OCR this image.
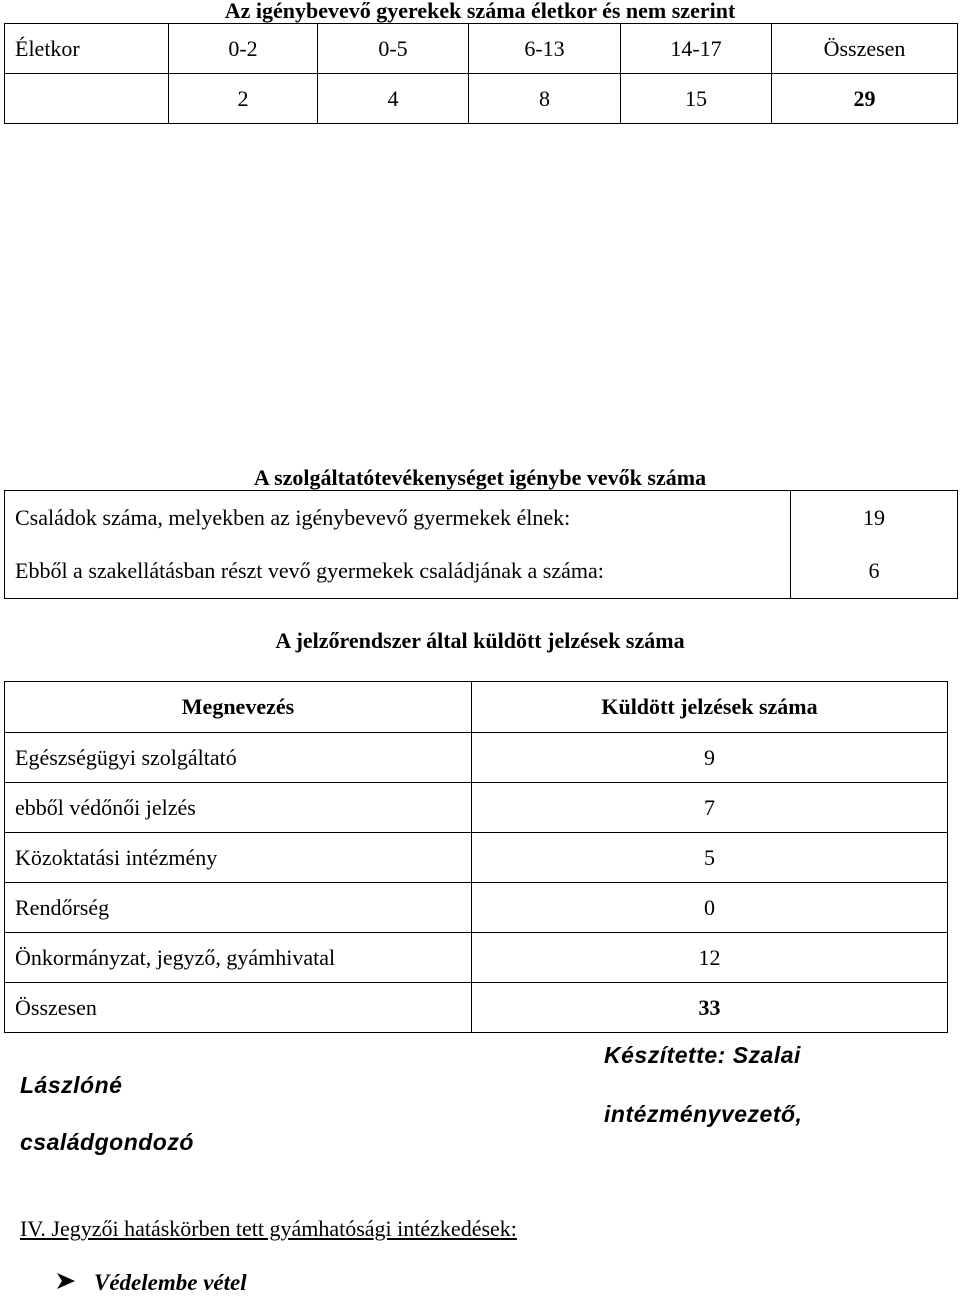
Az igénybevevő gyerekek száma életkor és nem szerint
Életkor	0-2	0-5	6-13	14-17	Összesen
	2	4	8	15	29
A szolgáltatótevékenységet igénybe vevők száma
Családok száma, melyekben az igénybevevő gyermekek élnek:	19
Ebből a szakellátásban részt vevő gyermekek családjának a száma:	6
A jelzőrendszer által küldött jelzések száma
Megnevezés	Küldött jelzések száma
Egészségügyi szolgáltató	9
ebből védőnői jelzés	7
Közoktatási intézmény	5
Rendőrség	0
Önkormányzat, jegyző, gyámhivatal	12
Összesen	33
Készítette: Szalai
Lászlóné
intézményvezető,
családgondozó
IV. Jegyzői hatáskörben tett gyámhatósági intézkedések:
Védelembe vétel
